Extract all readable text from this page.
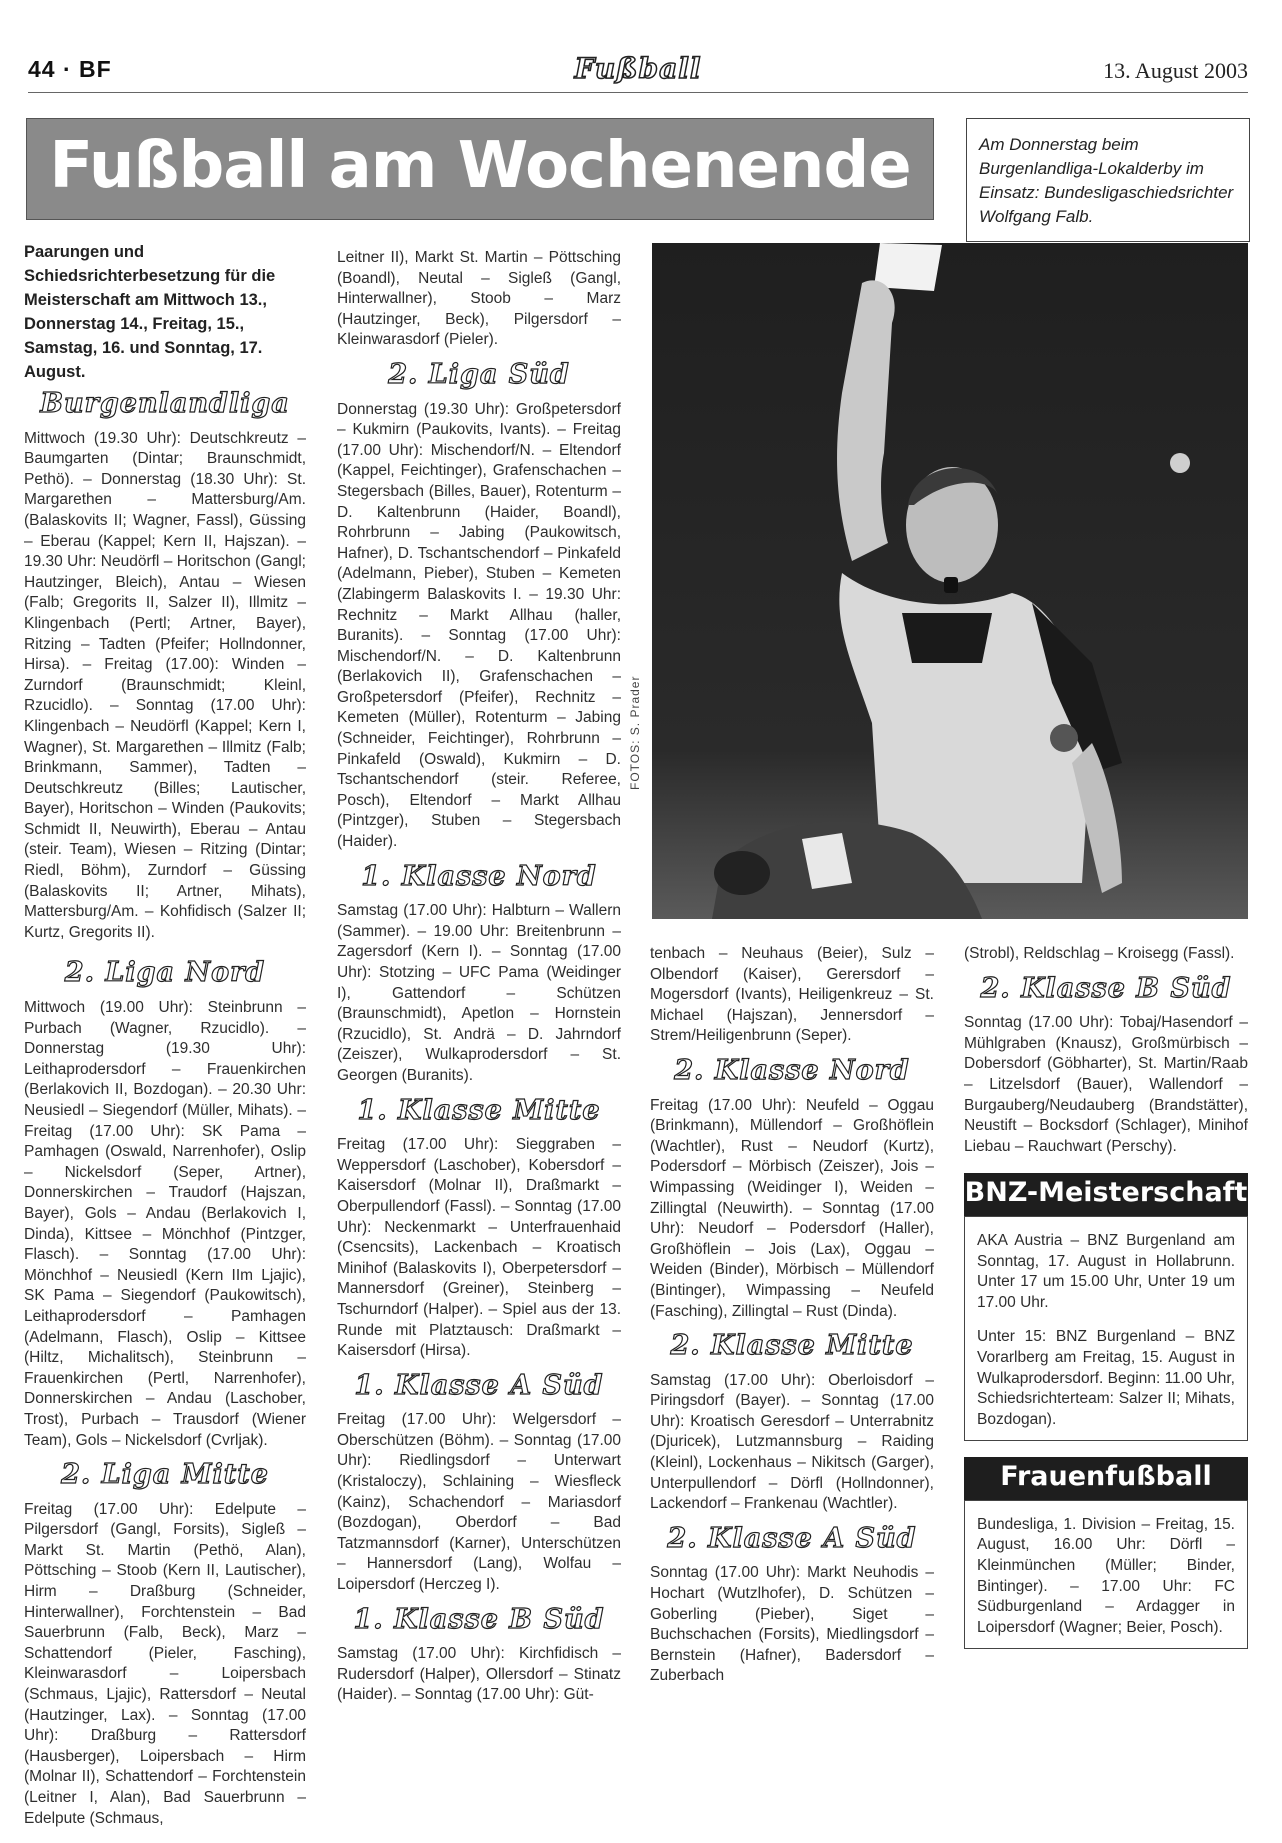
44 · BF	Fußball	13. August 2003
Fußball am Wochenende	Am Donnerstag beim Burgenlandliga-Lokalderby im Einsatz: Bundesligaschiedsrichter Wolfgang Falb.
FOTOS: S. Prader
Paarungen und Schiedsrichterbesetzung für die Meisterschaft am Mittwoch 13., Donnerstag 14., Freitag, 15., Samstag, 16. und Sonntag, 17. August.
Burgenlandliga
Mittwoch (19.30 Uhr): Deutschkreutz – Baumgarten (Dintar; Braunschmidt, Pethö). – Donnerstag (18.30 Uhr): St. Margarethen – Mattersburg/Am. (Balaskovits II; Wagner, Fassl), Güssing – Eberau (Kappel; Kern II, Hajszan). – 19.30 Uhr: Neudörfl – Horitschon (Gangl; Hautzinger, Bleich), Antau – Wiesen (Falb; Gregorits II, Salzer II), Illmitz – Klingenbach (Pertl; Artner, Bayer), Ritzing – Tadten (Pfeifer; Hollndonner, Hirsa). – Freitag (17.00): Winden – Zurndorf (Braunschmidt; Kleinl, Rzucidlo). – Sonntag (17.00 Uhr): Klingenbach – Neudörfl (Kappel; Kern I, Wagner), St. Margarethen – Illmitz (Falb; Brinkmann, Sammer), Tadten – Deutschkreutz (Billes; Lautischer, Bayer), Horitschon – Winden (Paukovits; Schmidt II, Neuwirth), Eberau – Antau (steir. Team), Wiesen – Ritzing (Dintar; Riedl, Böhm), Zurndorf – Güssing (Balaskovits II; Artner, Mihats), Mattersburg/Am. – Kohfidisch (Salzer II; Kurtz, Gregorits II).
2. Liga Nord
Mittwoch (19.00 Uhr): Steinbrunn – Purbach (Wagner, Rzucidlo). – Donnerstag (19.30 Uhr): Leithaprodersdorf – Frauenkirchen (Berlakovich II, Bozdogan). – 20.30 Uhr: Neusiedl – Siegendorf (Müller, Mihats). – Freitag (17.00 Uhr): SK Pama – Pamhagen (Oswald, Narrenhofer), Oslip – Nickelsdorf (Seper, Artner), Donnerskirchen – Traudorf (Hajszan, Bayer), Gols – Andau (Berlakovich I, Dinda), Kittsee – Mönchhof (Pintzger, Flasch). – Sonntag (17.00 Uhr): Mönchhof – Neusiedl (Kern IIm Ljajic), SK Pama – Siegendorf (Paukowitsch), Leithaprodersdorf – Pamhagen (Adelmann, Flasch), Oslip – Kittsee (Hiltz, Michalitsch), Steinbrunn – Frauenkirchen (Pertl, Narrenhofer), Donnerskirchen – Andau (Laschober, Trost), Purbach – Trausdorf (Wiener Team), Gols – Nickelsdorf (Cvrljak).
2. Liga Mitte
Freitag (17.00 Uhr): Edelpute – Pilgersdorf (Gangl, Forsits), Sigleß – Markt St. Martin (Pethö, Alan), Pöttsching – Stoob (Kern II, Lautischer), Hirm – Draßburg (Schneider, Hinterwallner), Forchtenstein – Bad Sauerbrunn (Falb, Beck), Marz – Schattendorf (Pieler, Fasching), Kleinwarasdorf – Loipersbach (Schmaus, Ljajic), Rattersdorf – Neutal (Hautzinger, Lax). – Sonntag (17.00 Uhr): Draßburg – Rattersdorf (Hausberger), Loipersbach – Hirm (Molnar II), Schattendorf – Forchtenstein (Leitner I, Alan), Bad Sauerbrunn – Edelpute (Schmaus,
Leitner II), Markt St. Martin – Pöttsching (Boandl), Neutal – Sigleß (Gangl, Hinterwallner), Stoob – Marz (Hautzinger, Beck), Pilgersdorf – Kleinwarasdorf (Pieler).
2. Liga Süd
Donnerstag (19.30 Uhr): Großpetersdorf – Kukmirn (Paukovits, Ivants). – Freitag (17.00 Uhr): Mischendorf/N. – Eltendorf (Kappel, Feichtinger), Grafenschachen – Stegersbach (Billes, Bauer), Rotenturm – D. Kaltenbrunn (Haider, Boandl), Rohrbrunn – Jabing (Paukowitsch, Hafner), D. Tschantschendorf – Pinkafeld (Adelmann, Pieber), Stuben – Kemeten (Zlabingerm Balaskovits I. – 19.30 Uhr: Rechnitz – Markt Allhau (haller, Buranits). – Sonntag (17.00 Uhr): Mischendorf/N. – D. Kaltenbrunn (Berlakovich II), Grafenschachen – Großpetersdorf (Pfeifer), Rechnitz – Kemeten (Müller), Rotenturm – Jabing (Schneider, Feichtinger), Rohrbrunn – Pinkafeld (Oswald), Kukmirn – D. Tschantschendorf (steir. Referee, Posch), Eltendorf – Markt Allhau (Pintzger), Stuben – Stegersbach (Haider).
1. Klasse Nord
Samstag (17.00 Uhr): Halbturn – Wallern (Sammer). – 19.00 Uhr: Breitenbrunn – Zagersdorf (Kern I). – Sonntag (17.00 Uhr): Stotzing – UFC Pama (Weidinger I), Gattendorf – Schützen (Braunschmidt), Apetlon – Hornstein (Rzucidlo), St. Andrä – D. Jahrndorf (Zeiszer), Wulkaprodersdorf – St. Georgen (Buranits).
1. Klasse Mitte
Freitag (17.00 Uhr): Sieggraben – Weppersdorf (Laschober), Kobersdorf – Kaisersdorf (Molnar II), Draßmarkt – Oberpullendorf (Fassl). – Sonntag (17.00 Uhr): Neckenmarkt – Unterfrauenhaid (Csencsits), Lackenbach – Kroatisch Minihof (Balaskovits I), Oberpetersdorf – Mannersdorf (Greiner), Steinberg – Tschurndorf (Halper). – Spiel aus der 13. Runde mit Platztausch: Draßmarkt – Kaisersdorf (Hirsa).
1. Klasse A Süd
Freitag (17.00 Uhr): Welgersdorf – Oberschützen (Böhm). – Sonntag (17.00 Uhr): Riedlingsdorf – Unterwart (Kristaloczy), Schlaining – Wiesfleck (Kainz), Schachendorf – Mariasdorf (Bozdogan), Oberdorf – Bad Tatzmannsdorf (Karner), Unterschützen – Hannersdorf (Lang), Wolfau – Loipersdorf (Herczeg I).
1. Klasse B Süd
Samstag (17.00 Uhr): Kirchfidisch – Rudersdorf (Halper), Ollersdorf – Stinatz (Haider). – Sonntag (17.00 Uhr): Güt-
tenbach – Neuhaus (Beier), Sulz – Olbendorf (Kaiser), Gerersdorf – Mogersdorf (Ivants), Heiligenkreuz – St. Michael (Hajszan), Jennersdorf – Strem/Heiligenbrunn (Seper).
2. Klasse Nord
Freitag (17.00 Uhr): Neufeld – Oggau (Brinkmann), Müllendorf – Großhöflein (Wachtler), Rust – Neudorf (Kurtz), Podersdorf – Mörbisch (Zeiszer), Jois – Wimpassing (Weidinger I), Weiden – Zillingtal (Neuwirth). – Sonntag (17.00 Uhr): Neudorf – Podersdorf (Haller), Großhöflein – Jois (Lax), Oggau – Weiden (Binder), Mörbisch – Müllendorf (Bintinger), Wimpassing – Neufeld (Fasching), Zillingtal – Rust (Dinda).
2. Klasse Mitte
Samstag (17.00 Uhr): Oberloisdorf – Piringsdorf (Bayer). – Sonntag (17.00 Uhr): Kroatisch Geresdorf – Unterrabnitz (Djuricek), Lutzmannsburg – Raiding (Kleinl), Lockenhaus – Nikitsch (Garger), Unterpullendorf – Dörfl (Hollndonner), Lackendorf – Frankenau (Wachtler).
2. Klasse A Süd
Sonntag (17.00 Uhr): Markt Neuhodis – Hochart (Wutzlhofer), D. Schützen – Goberling (Pieber), Siget – Buchschachen (Forsits), Miedlingsdorf – Bernstein (Hafner), Badersdorf – Zuberbach
(Strobl), Reldschlag – Kroisegg (Fassl).
2. Klasse B Süd
Sonntag (17.00 Uhr): Tobaj/Hasendorf – Mühlgraben (Knausz), Großmürbisch – Dobersdorf (Göbharter), St. Martin/Raab – Litzelsdorf (Bauer), Wallendorf – Burgauberg/Neudauberg (Brandstätter), Neustift – Bocksdorf (Schlager), Minihof Liebau – Rauchwart (Perschy).
BNZ-Meisterschaft
AKA Austria – BNZ Burgenland am Sonntag, 17. August in Hollabrunn. Unter 17 um 15.00 Uhr, Unter 19 um 17.00 Uhr.
Unter 15: BNZ Burgenland – BNZ Vorarlberg am Freitag, 15. August in Wulkaprodersdorf. Beginn: 11.00 Uhr, Schiedsrichterteam: Salzer II; Mihats, Bozdogan).
Frauenfußball
Bundesliga, 1. Division – Freitag, 15. August, 16.00 Uhr: Dörfl – Kleinmünchen (Müller; Binder, Bintinger). – 17.00 Uhr: FC Südburgenland – Ardagger in Loipersdorf (Wagner; Beier, Posch).
